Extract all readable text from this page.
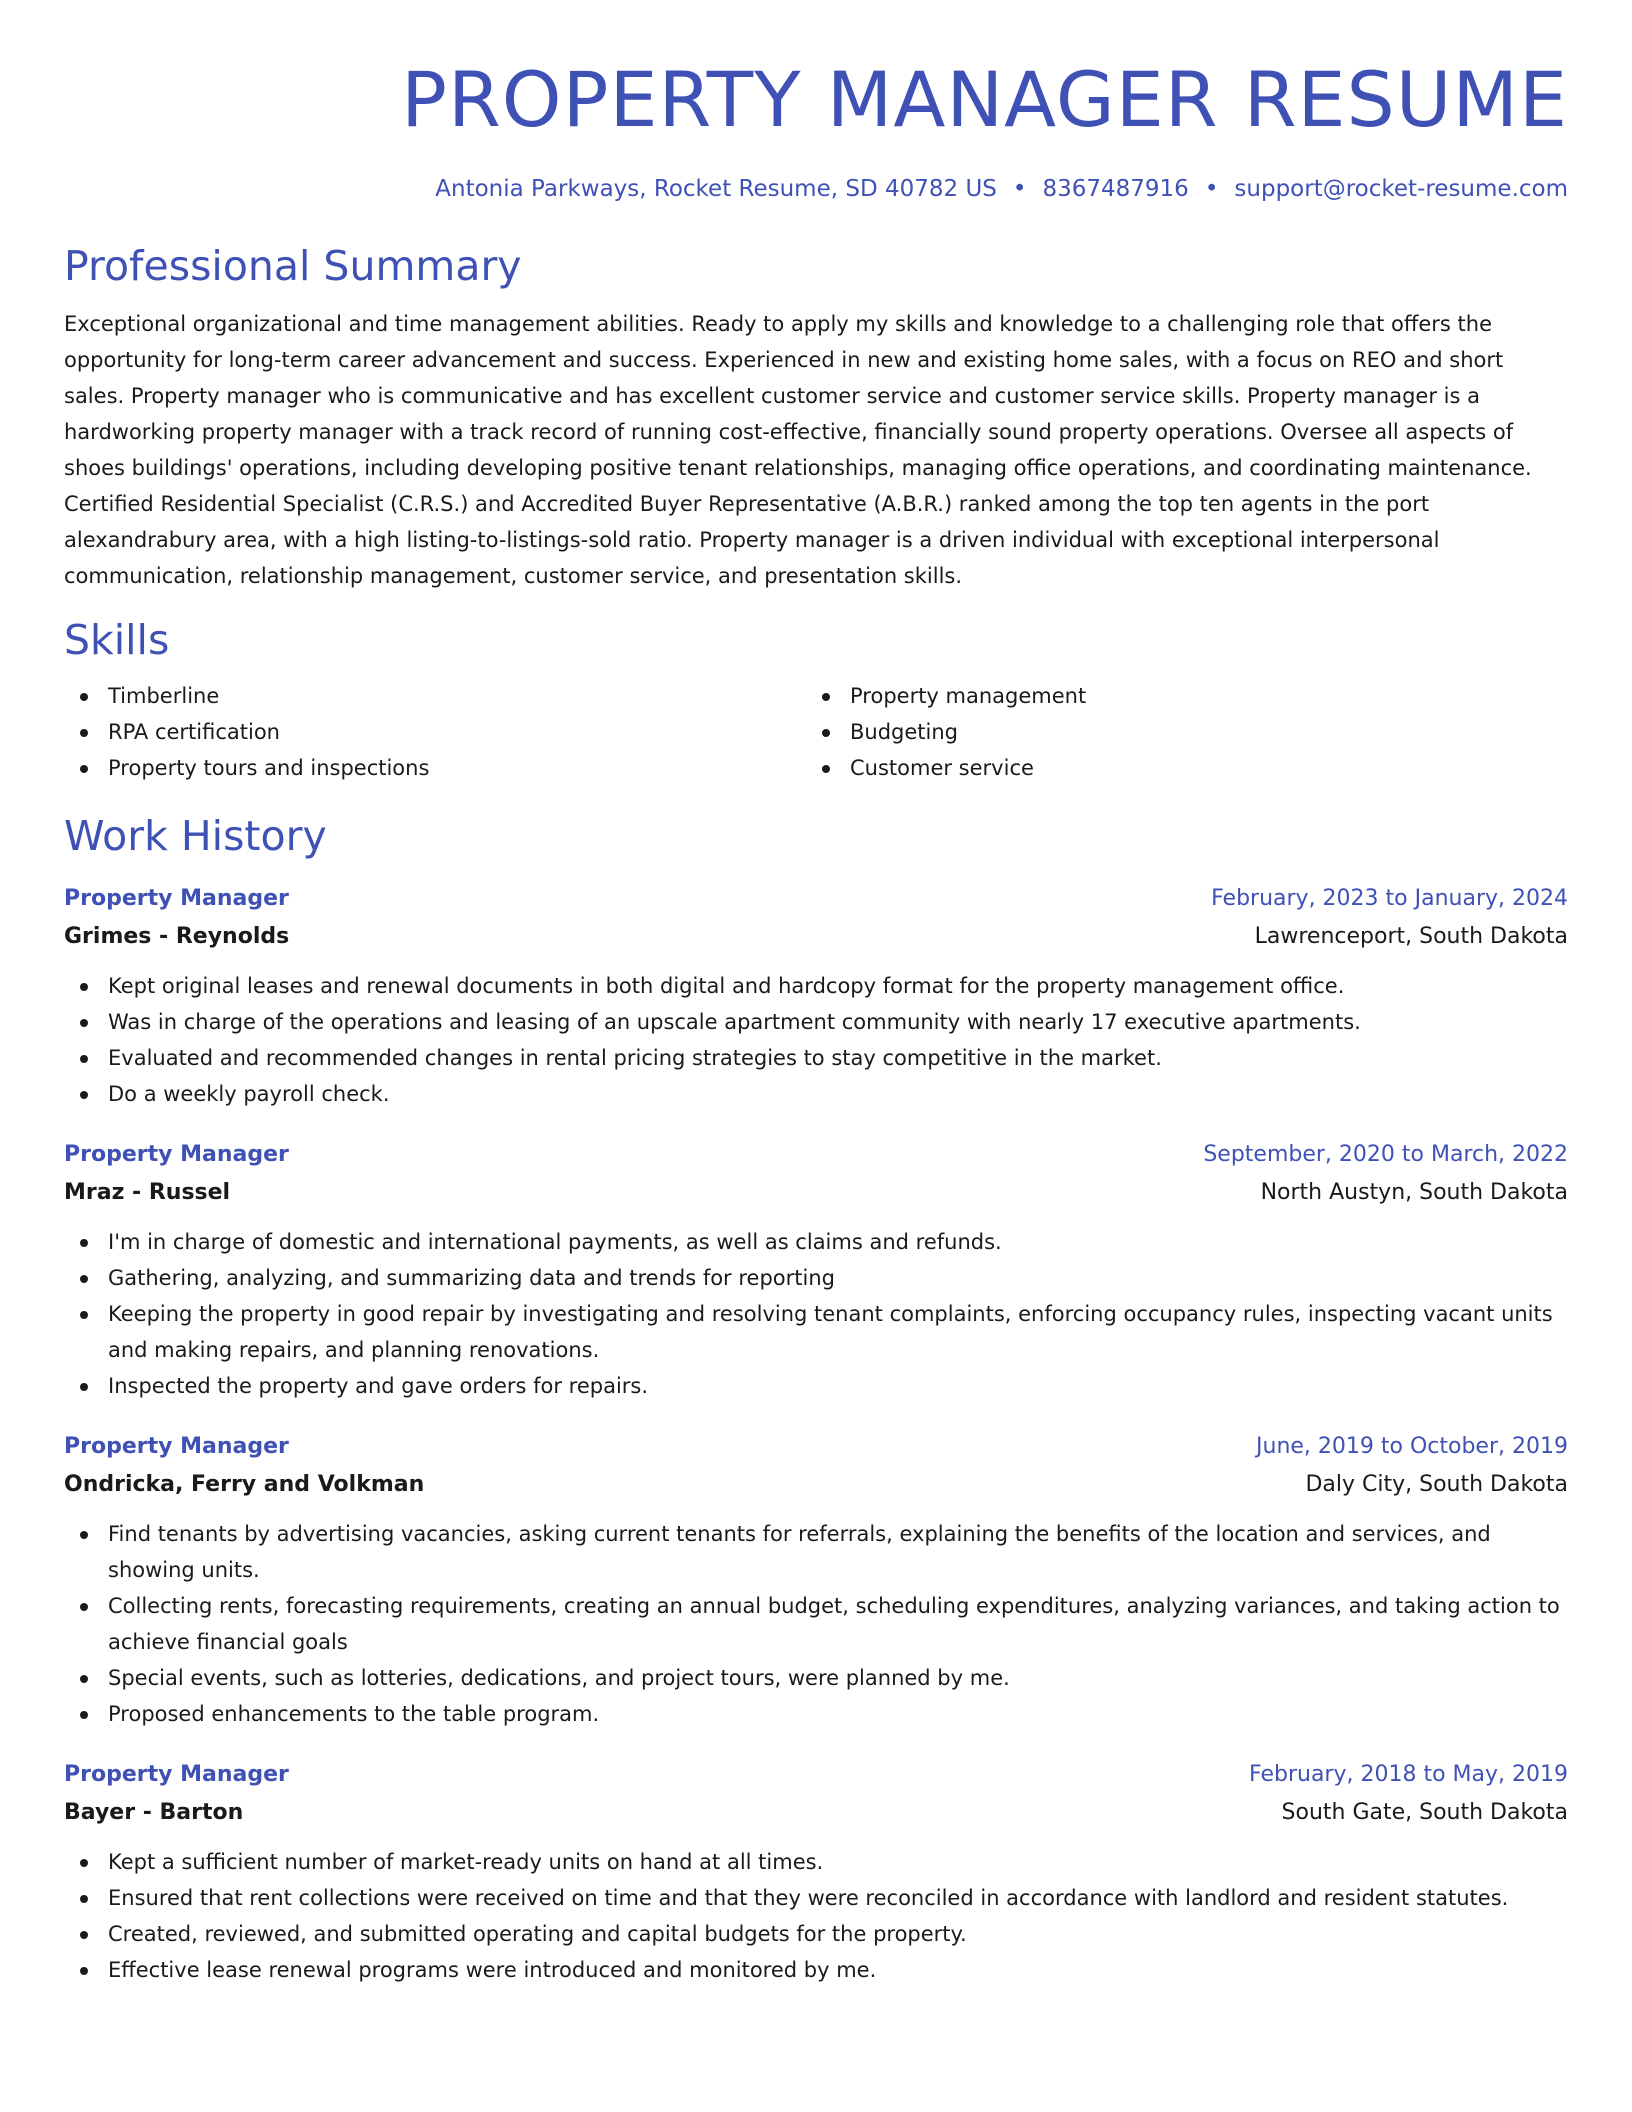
PROPERTY MANAGER RESUME
Antonia Parkways, Rocket Resume, SD 40782 US • 8367487916 • support@rocket-resume.com
Professional Summary

Exceptional organizational and time management abilities. Ready to apply my skills and knowledge to a challenging role that offers the opportunity for long-term career advancement and success. Experienced in new and existing home sales, with a focus on REO and short sales. Property manager who is communicative and has excellent customer service and customer service skills. Property manager is a hardworking property manager with a track record of running cost-effective, financially sound property operations. Oversee all aspects of shoes buildings' operations, including developing positive tenant relationships, managing office operations, and coordinating maintenance. Certified Residential Specialist (C.R.S.) and Accredited Buyer Representative (A.B.R.) ranked among the top ten agents in the port alexandrabury area, with a high listing-to-listings-sold ratio. Property manager is a driven individual with exceptional interpersonal communication, relationship management, customer service, and presentation skills.

Skills
Timberline
RPA certification
Property tours and inspections
Property management
Budgeting
Customer service
Work History
Property Manager	February, 2023 to January, 2024
Grimes - Reynolds	Lawrenceport, South Dakota
Kept original leases and renewal documents in both digital and hardcopy format for the property management office.
Was in charge of the operations and leasing of an upscale apartment community with nearly 17 executive apartments.
Evaluated and recommended changes in rental pricing strategies to stay competitive in the market.
Do a weekly payroll check.
Property Manager	September, 2020 to March, 2022
Mraz - Russel	North Austyn, South Dakota
I'm in charge of domestic and international payments, as well as claims and refunds.
Gathering, analyzing, and summarizing data and trends for reporting
Keeping the property in good repair by investigating and resolving tenant complaints, enforcing occupancy rules, inspecting vacant units and making repairs, and planning renovations.
Inspected the property and gave orders for repairs.
Property Manager	June, 2019 to October, 2019
Ondricka, Ferry and Volkman	Daly City, South Dakota
Find tenants by advertising vacancies, asking current tenants for referrals, explaining the benefits of the location and services, and showing units.
Collecting rents, forecasting requirements, creating an annual budget, scheduling expenditures, analyzing variances, and taking action to achieve financial goals
Special events, such as lotteries, dedications, and project tours, were planned by me.
Proposed enhancements to the table program.
Property Manager	February, 2018 to May, 2019
Bayer - Barton	South Gate, South Dakota
Kept a sufficient number of market-ready units on hand at all times.
Ensured that rent collections were received on time and that they were reconciled in accordance with landlord and resident statutes.
Created, reviewed, and submitted operating and capital budgets for the property.
Effective lease renewal programs were introduced and monitored by me.
